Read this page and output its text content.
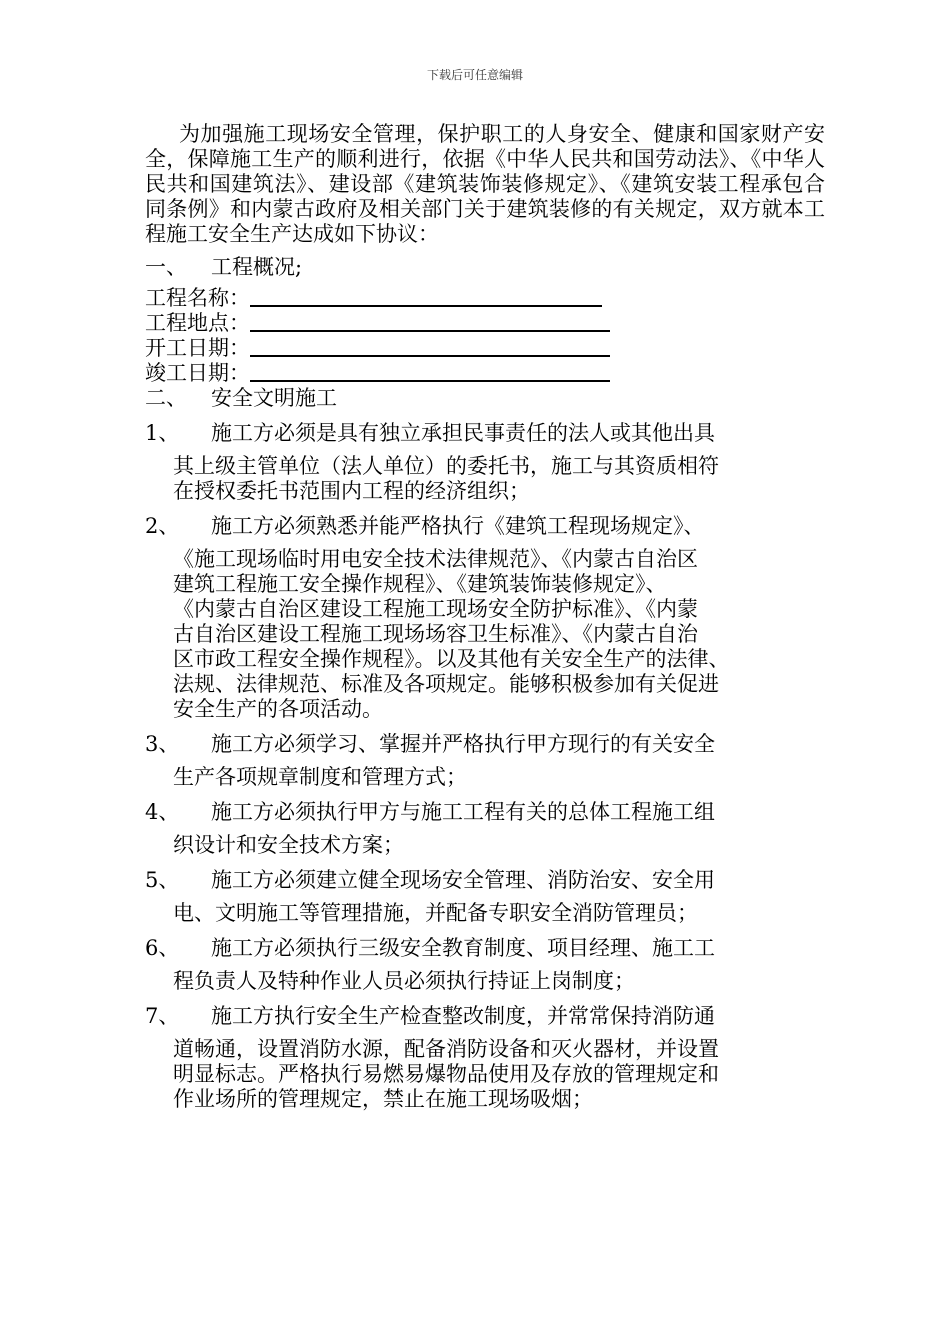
下载后可任意编辑

为加强施工现场安全管理，保护职工的人身安全、健康和国家财产安全，保障施工生产的顺利进行，依据《中华人民共和国劳动法》、《中华人民共和国建筑法》、建设部《建筑装饰装修规定》、《建筑安装工程承包合同条例》和内蒙古政府及相关部门关于建筑装修的有关规定，双方就本工程施工安全生产达成如下协议：

一、 工程概况;

工程名称：

工程地点：

开工日期：

竣工日期：

二、 安全文明施工

1、 施工方必须是具有独立承担民事责任的法人或其他出具

其上级主管单位（法人单位）的委托书，施工与其资质相符
在授权委托书范围内工程的经济组织；

2、 施工方必须熟悉并能严格执行《建筑工程现场规定》、

《施工现场临时用电安全技术法律规范》、《内蒙古自治区
建筑工程施工安全操作规程》、《建筑装饰装修规定》、
《内蒙古自治区建设工程施工现场安全防护标准》、《内蒙
古自治区建设工程施工现场场容卫生标准》、《内蒙古自治
区市政工程安全操作规程》。以及其他有关安全生产的法律、
法规、法律规范、标准及各项规定。能够积极参加有关促进
安全生产的各项活动。

3、 施工方必须学习、掌握并严格执行甲方现行的有关安全

生产各项规章制度和管理方式；

4、 施工方必须执行甲方与施工工程有关的总体工程施工组

织设计和安全技术方案；

5、 施工方必须建立健全现场安全管理、消防治安、安全用

电、文明施工等管理措施，并配备专职安全消防管理员；

6、 施工方必须执行三级安全教育制度、项目经理、施工工

程负责人及特种作业人员必须执行持证上岗制度；

7、 施工方执行安全生产检查整改制度，并常常保持消防通

道畅通，设置消防水源，配备消防设备和灭火器材，并设置
明显标志。严格执行易燃易爆物品使用及存放的管理规定和
作业场所的管理规定，禁止在施工现场吸烟；
